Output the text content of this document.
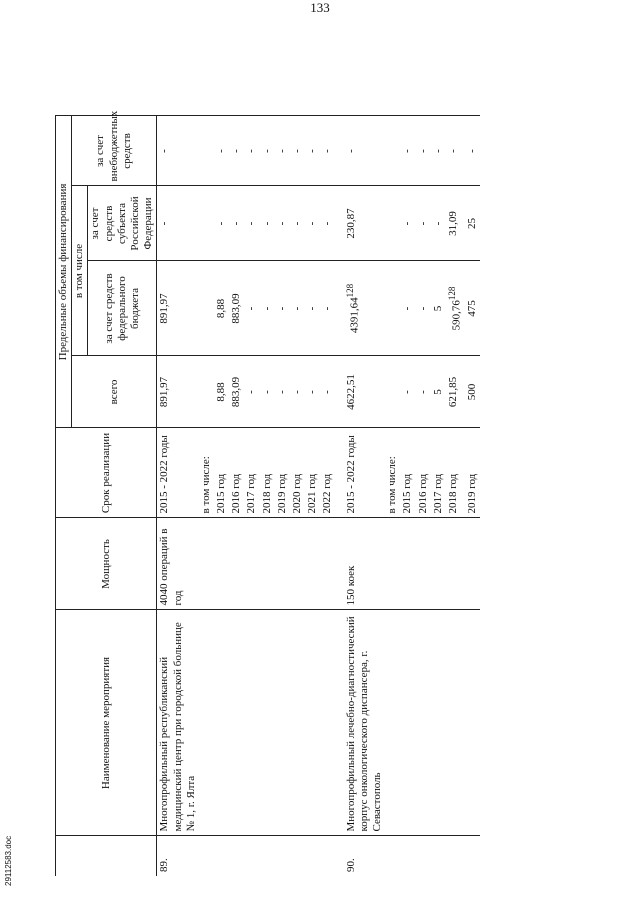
133
	Наименование мероприятия	Мощность	Срок реализации	Предельные объемы финансирования			
				всего	в том числе		за счет внебюджетных средств
					за счет средств федерального бюджета	за счет средств субъекта Российской Федерации	
89.	Многопрофильный республиканский медицинский центр при городской больнице № 1, г. Ялта	4040 операций в год	2015 - 2022 годы	891,97	891,97	-	-
			в том числе:				
			2015 год	8,88	8,88	-	-
			2016 год	883,09	883,09	-	-
			2017 год	-	-	-	-
			2018 год	-	-	-	-
			2019 год	-	-	-	-
			2020 год	-	-	-	-
			2021 год	-	-	-	-
			2022 год	-	-	-	-

90.	Многопрофильный лечебно-диагностический корпус онкологического диспансера, г. Севастополь	150 коек	2015 - 2022 годы	4622,51	4391,64$^{128}$	230,87	-
			в том числе:				
			2015 год	-	-	-	-
			2016 год	-	-	-	-
			2017 год	5	5	-	-
			2018 год	621,85	590,76$^{128}$	31,09	-
			2019 год	500	475	25	-
29112583.doc
